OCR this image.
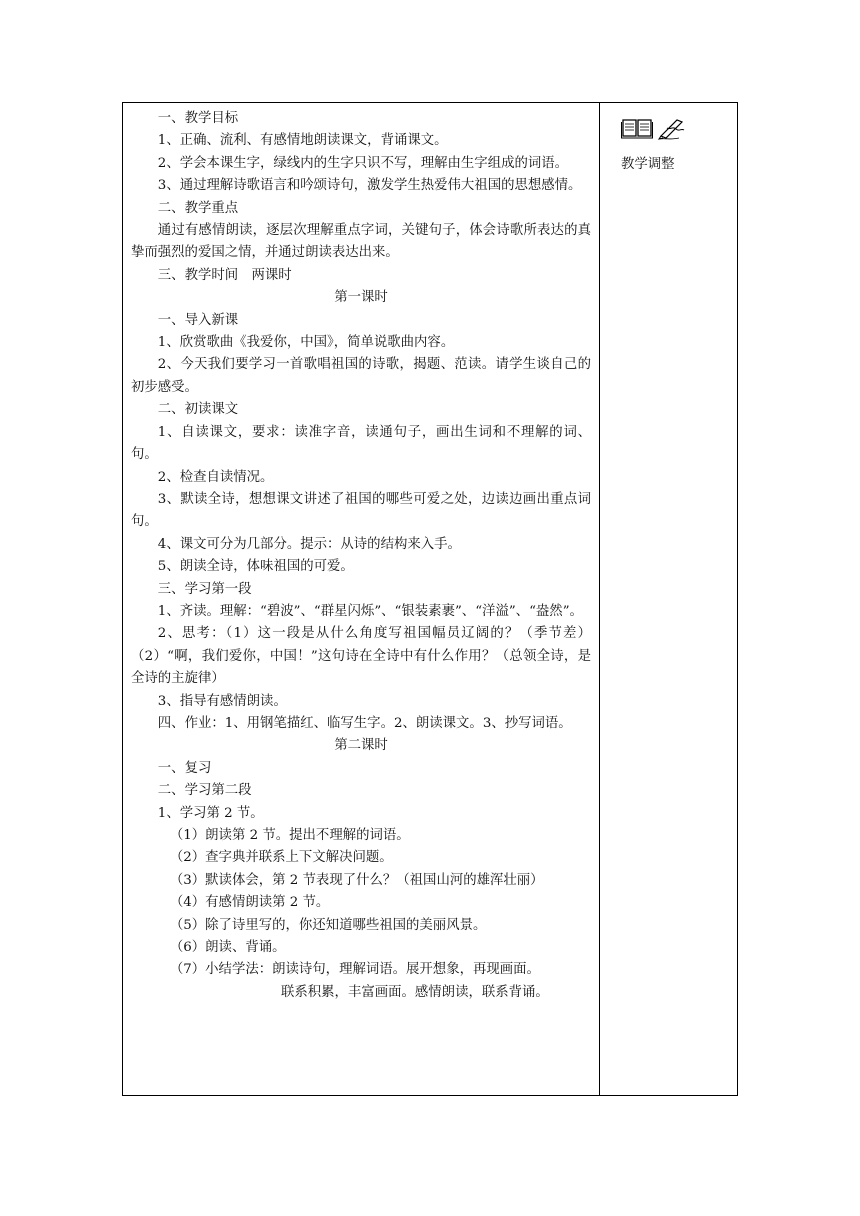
一、教学目标

1、正确、流利、有感情地朗读课文，背诵课文。

2、学会本课生字，绿线内的生字只识不写，理解由生字组成的词语。

3、通过理解诗歌语言和吟颂诗句，激发学生热爱伟大祖国的思想感情。

二、教学重点

通过有感情朗读，逐层次理解重点字词，关键句子，体会诗歌所表达的真挚而强烈的爱国之情，并通过朗读表达出来。

三、教学时间　两课时

第一课时

一、导入新课

1、欣赏歌曲《我爱你，中国》，简单说歌曲内容。

2、今天我们要学习一首歌唱祖国的诗歌，揭题、范读。请学生谈自己的初步感受。

二、初读课文

1、自读课文，要求：读准字音，读通句子，画出生词和不理解的词、句。

2、检查自读情况。

3、默读全诗，想想课文讲述了祖国的哪些可爱之处，边读边画出重点词句。

4、课文可分为几部分。提示：从诗的结构来入手。

5、朗读全诗，体味祖国的可爱。

三、学习第一段

1、齐读。理解：“碧波”、“群星闪烁”、“银装素裹”、“洋溢”、“盎然”。

2、思考：（1）这一段是从什么角度写祖国幅员辽阔的？（季节差）（2）“啊，我们爱你，中国！”这句诗在全诗中有什么作用？（总领全诗，是全诗的主旋律）

3、指导有感情朗读。

四、作业：1、用钢笔描红、临写生字。2、朗读课文。3、抄写词语。

第二课时

一、复习

二、学习第二段

1、学习第 2 节。

（1）朗读第 2 节。提出不理解的词语。

（2）查字典并联系上下文解决问题。

（3）默读体会，第 2 节表现了什么？（祖国山河的雄浑壮丽）

（4）有感情朗读第 2 节。

（5）除了诗里写的，你还知道哪些祖国的美丽风景。

（6）朗读、背诵。

（7）小结学法：朗读诗句，理解词语。展开想象，再现画面。

联系积累，丰富画面。感情朗读，联系背诵。

教学调整
